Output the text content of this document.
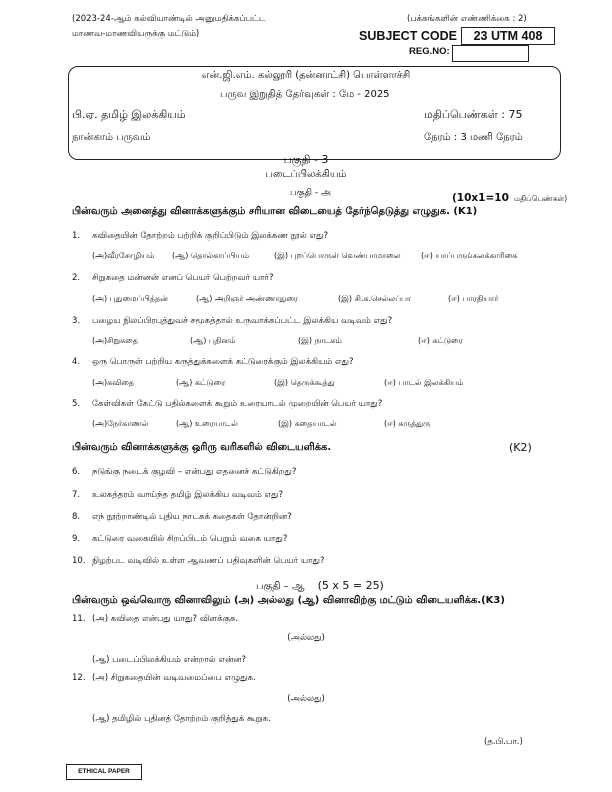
(2023-24-ஆம் கல்வியாண்டில் அனுமதிக்கப்பட்ட
மாணவ-மாணவியருக்கு மட்டும்)
(பக்கங்களின் எண்ணிக்கை : 2)
SUBJECT CODE	23 UTM 408
REG.NO:
என்.ஜி.எம். கல்லூரி (தன்னாட்சி) பொள்ளாச்சி
பருவ இறுதித் தேர்வுகள் : மே - 2025
பி.ஏ. தமிழ் இலக்கியம்	மதிப்பெண்கள் : 75
நான்காம் பருவம்	நேரம் : 3 மணி நேரம்
பகுதி - 3
படைப்பிலக்கியம்
பகுதி - அ	(10x1=10 மதிப்பெண்கள்)
பின்வரும் அனைத்து வினாக்களுக்கும் சரியான விடையைத் தேர்ந்தெடுத்து எழுதுக. (K1)
1. கவிதையின் தோற்றம் பற்றிக் குறிப்பிடும் இலக்கண நூல் எது?
(அ)வீரசோழியம் (ஆ) தொல்காப்பியம்	(இ) புறப்பொருள் வெண்பாமாலை	(ஈ) யாப்பருங்கலக்காரிகை
2. சிறுகதை மன்னன் எனப் பெயர் பெற்றவர் யார்?
(அ) புதுமைப்பித்தன்	(ஆ) அறிஞர் அண்ணாதுரை	(இ) சி.சு.செல்லப்பா	(ஈ) பாரதியார்
3. பழைய நிலப்பிரபுத்துவச் சமூகத்தால் உருவாக்கப்பட்ட இலக்கிய வடிவம் எது?
(அ)சிறுகதை	(ஆ) புதினம்	(இ) நாடகம்	(ஈ) கட்டுரை
4. ஒரு பொருள் பற்றிய கருத்துக்களைக் கட்டுரைக்கும் இலக்கியம் எது?
(அ)கவிதை	(ஆ) கட்டுரை	(இ) தெருக்கூத்து	(ஈ) பாடல் இலக்கியம்
5. கேள்விகள் கேட்டு பதில்களைக் கூறும் உரையாடல் முறையின் பெயர் யாது?
(அ)நேர்காணல்	(ஆ) உரையாடல்	(இ) கதையாடல்	(ஈ) கருத்துரு
பின்வரும் வினாக்களுக்கு ஒரிரு வரிகளில் விடையளிக்க.	(K2)
6. நடுங்கு நடைக் குழவி – என்பது எதனைச் சுட்டுகிறது?
7. உலகத்தரம் வாய்ந்த தமிழ் இலக்கிய வடிவம் எது?
8. எந் நூற்றாண்டில் புதிய நாடகக் கதைகள் தோன்றின?
9. கட்டுரை வகையில் சிறப்பிடம் பெறும் வகை யாது?
10. நிழற்பட வடிவில் உள்ள ஆவணப் பதிவுகளின் பெயர் யாது?
பகுதி – ஆ (5 x 5 = 25)
பின்வரும் ஒவ்வொரு வினாவிலும் (அ) அல்லது (ஆ) வினாவிற்கு மட்டும் விடையளிக்க.(K3)
11. (அ) கவிதை என்பது யாது? விளக்குக.
(அல்லது)
(ஆ) படைப்பிலக்கியம் என்றால் என்ன?
12. (அ) சிறுகதையின் வடிவமைப்பை எழுதுக.
(அல்லது)
(ஆ) தமிழில் புதினத் தோற்றம் குறித்துக் கூறுக.
(த.பி.பா.)
ETHICAL PAPER
